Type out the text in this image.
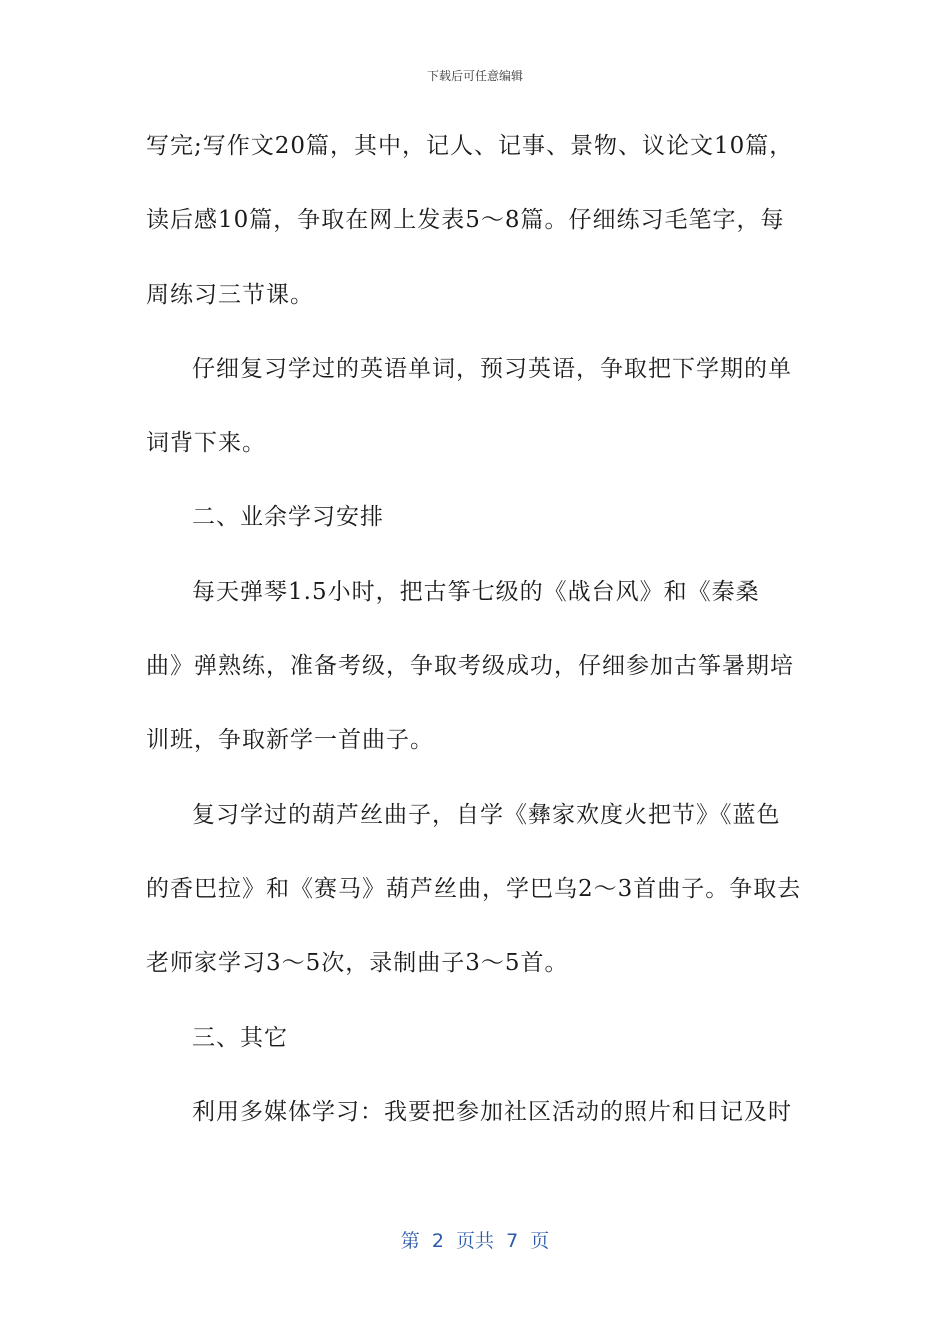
下载后可任意编辑
写完;写作文20篇，其中，记人、记事、景物、议论文10篇，
读后感10篇，争取在网上发表5～8篇。仔细练习毛笔字，每
周练习三节课。
仔细复习学过的英语单词，预习英语，争取把下学期的单
词背下来。
二、业余学习安排
每天弹琴1.5小时，把古筝七级的《战台风》和《秦桑
曲》弹熟练，准备考级，争取考级成功，仔细参加古筝暑期培
训班，争取新学一首曲子。
复习学过的葫芦丝曲子，自学《彝家欢度火把节》《蓝色
的香巴拉》和《赛马》葫芦丝曲，学巴乌2～3首曲子。争取去
老师家学习3～5次，录制曲子3～5首。
三、其它
利用多媒体学习：我要把参加社区活动的照片和日记及时
第  2  页共  7  页
